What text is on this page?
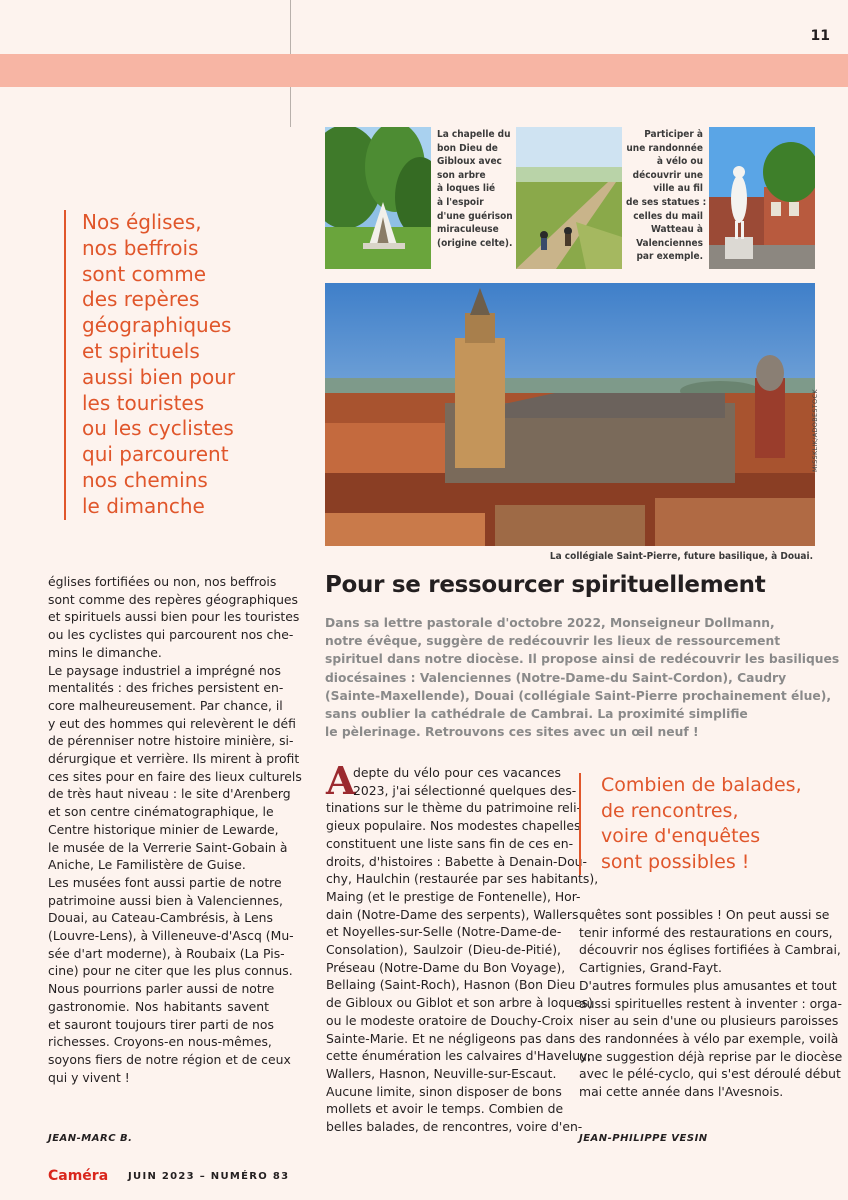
11
Nos églises,
nos beffrois
sont comme
des repères
géographiques
et spirituels
aussi bien pour
les touristes
ou les cyclistes
qui parcourent
nos chemins
le dimanche
La chapelle du
bon Dieu de
Gibloux avec
son arbre
à loques lié
à l'espoir
d'une guérison
miraculeuse
(origine celte).
Participer à
une randonnée
à vélo ou
découvrir une
ville au fil
de ses statues :
celles du mail
Watteau à
Valenciennes
par exemple.
MISSKLIK/ADOBESTOCK
La collégiale Saint-Pierre, future basilique, à Douai.
églises fortifiées ou non, nos beffrois
sont comme des repères géographiques
et spirituels aussi bien pour les touristes
ou les cyclistes qui parcourent nos che-
mins le dimanche.
Le paysage industriel a imprégné nos
mentalités : des friches persistent en-
core malheureusement. Par chance, il
y eut des hommes qui relevèrent le défi
de pérenniser notre histoire minière, si-
dérurgique et verrière. Ils mirent à profit
ces sites pour en faire des lieux culturels
de très haut niveau : le site d'Arenberg
et son centre cinématographique, le
Centre historique minier de Lewarde,
le musée de la Verrerie Saint-Gobain à
Aniche, Le Familistère de Guise.
Les musées font aussi partie de notre
patrimoine aussi bien à Valenciennes,
Douai, au Cateau-Cambrésis, à Lens
(Louvre-Lens), à Villeneuve-d'Ascq (Mu-
sée d'art moderne), à Roubaix (La Pis-
cine) pour ne citer que les plus connus.
Nous pourrions parler aussi de notre
gastronomie. Nos habitants savent
et sauront toujours tirer parti de nos
richesses. Croyons-en nous-mêmes,
soyons fiers de notre région et de ceux
qui y vivent !
JEAN-MARC B.
Pour se ressourcer spirituellement
Dans sa lettre pastorale d'octobre 2022, Monseigneur Dollmann,
notre évêque, suggère de redécouvrir les lieux de ressourcement
spirituel dans notre diocèse. Il propose ainsi de redécouvrir les basiliques
diocésaines : Valenciennes (Notre-Dame-du Saint-Cordon), Caudry
(Sainte-Maxellende), Douai (collégiale Saint-Pierre prochainement élue),
sans oublier la cathédrale de Cambrai. La proximité simplifie
le pèlerinage. Retrouvons ces sites avec un œil neuf !
A
depte du vélo pour ces vacances
2023, j'ai sélectionné quelques des-
tinations sur le thème du patrimoine reli-
gieux populaire. Nos modestes chapelles
constituent une liste sans fin de ces en-
droits, d'histoires : Babette à Denain-Dou-
chy, Haulchin (restaurée par ses habitants),
Maing (et le prestige de Fontenelle), Hor-
dain (Notre-Dame des serpents), Wallers
et Noyelles-sur-Selle (Notre-Dame-de-
Consolation), Saulzoir (Dieu-de-Pitié),
Préseau (Notre-Dame du Bon Voyage),
Bellaing (Saint-Roch), Hasnon (Bon Dieu
de Gibloux ou Giblot et son arbre à loques)
ou le modeste oratoire de Douchy-Croix
Sainte-Marie. Et ne négligeons pas dans
cette énumération les calvaires d'Haveluy,
Wallers, Hasnon, Neuville-sur-Escaut.
Aucune limite, sinon disposer de bons
mollets et avoir le temps. Combien de
belles balades, de rencontres, voire d'en-
Combien de balades,
de rencontres,
voire d'enquêtes
sont possibles !
quêtes sont possibles ! On peut aussi se
tenir informé des restaurations en cours,
découvrir nos églises fortifiées à Cambrai,
Cartignies, Grand-Fayt.
D'autres formules plus amusantes et tout
aussi spirituelles restent à inventer : orga-
niser au sein d'une ou plusieurs paroisses
des randonnées à vélo par exemple, voilà
une suggestion déjà reprise par le diocèse
avec le pélé-cyclo, qui s'est déroulé début
mai cette année dans l'Avesnois.
JEAN-PHILIPPE VESIN
Caméra JUIN 2023 – NUMÉRO 83
